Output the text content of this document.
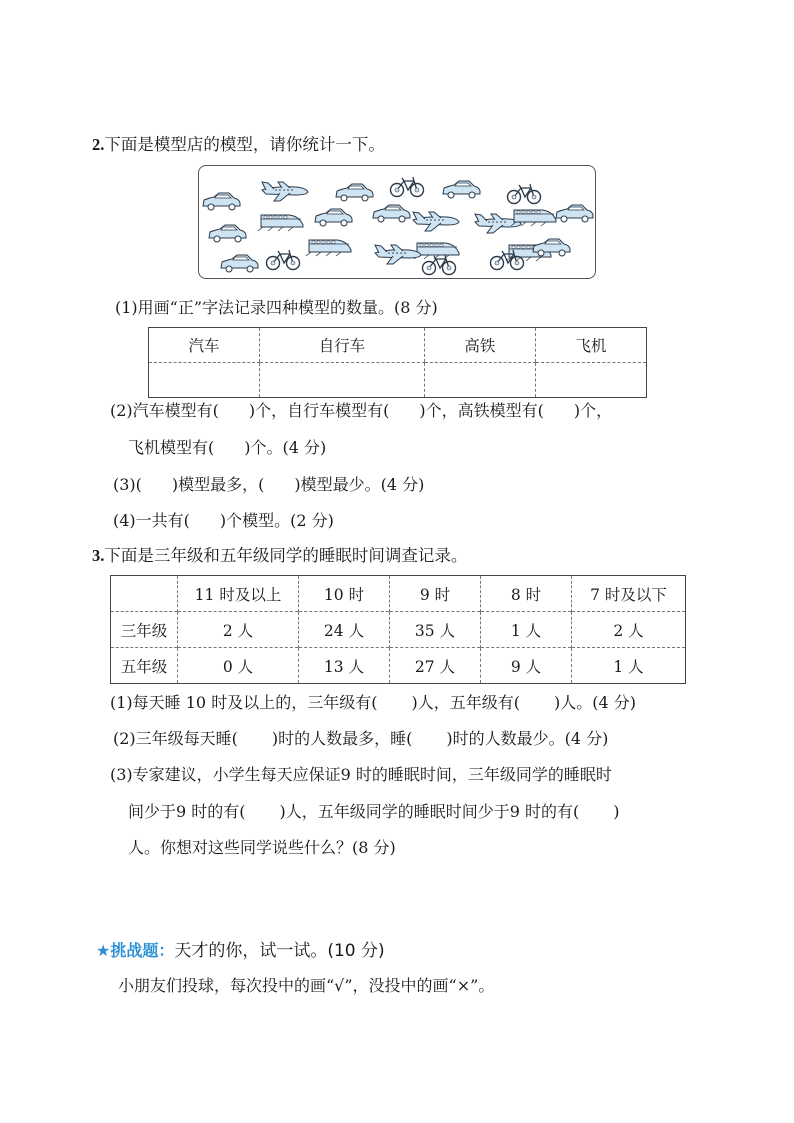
2.下面是模型店的模型，请你统计一下。
(1)用画“正”字法记录四种模型的数量。(8 分)
汽车	自行车	高铁	飞机

(2)汽车模型有( )个，自行车模型有( )个，高铁模型有( )个，
飞机模型有( )个。(4 分)
(3)( )模型最多，( )模型最少。(4 分)
(4)一共有( )个模型。(2 分)
3.下面是三年级和五年级同学的睡眠时间调查记录。
	11 时及以上	10 时	9 时	8 时	7 时及以下
三年级	2 人	24 人	35 人	1 人	2 人
五年级	0 人	13 人	27 人	9 人	1 人
(1)每天睡 10 时及以上的，三年级有( )人，五年级有( )人。(4 分)
(2)三年级每天睡( )时的人数最多，睡( )时的人数最少。(4 分)
(3)专家建议，小学生每天应保证9 时的睡眠时间，三年级同学的睡眠时
间少于9 时的有( )人，五年级同学的睡眠时间少于9 时的有( )
人。你想对这些同学说些什么？(8 分)
★挑战题：天才的你，试一试。(10 分)
小朋友们投球，每次投中的画“√”，没投中的画“×”。
